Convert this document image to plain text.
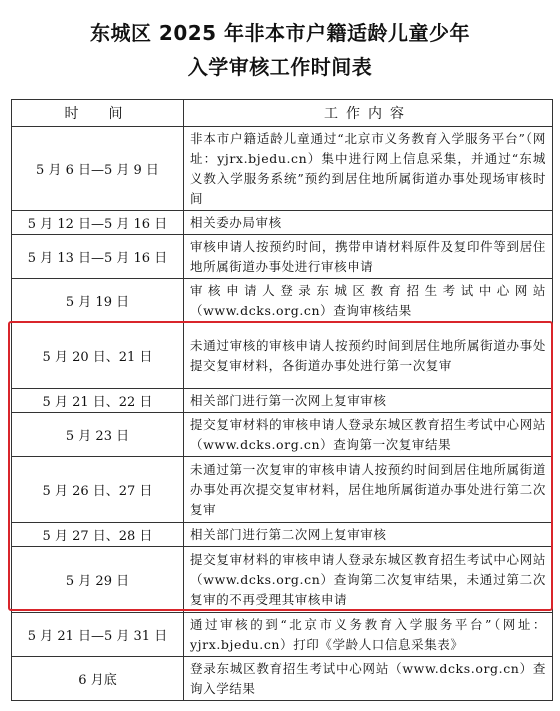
东城区 2025 年非本市户籍适龄儿童少年
入学审核工作时间表
时　间	工作内容
5 月 6 日—5 月 9 日	非本市户籍适龄儿童通过“北京市义务教育入学服务平台”（网址：yjrx.bjedu.cn）集中进行网上信息采集，并通过“东城义教入学服务系统”预约到居住地所属街道办事处现场审核时间
5 月 12 日—5 月 16 日	相关委办局审核
5 月 13 日—5 月 16 日	审核申请人按预约时间，携带申请材料原件及复印件等到居住地所属街道办事处进行审核申请
5 月 19 日	审核申请人登录东城区教育招生考试中心网站（www.dcks.org.cn）查询审核结果
5 月 20 日、21 日	未通过审核的审核申请人按预约时间到居住地所属街道办事处提交复审材料，各街道办事处进行第一次复审
5 月 21 日、22 日	相关部门进行第一次网上复审审核
5 月 23 日	提交复审材料的审核申请人登录东城区教育招生考试中心网站（www.dcks.org.cn）查询第一次复审结果
5 月 26 日、27 日	未通过第一次复审的审核申请人按预约时间到居住地所属街道办事处再次提交复审材料，居住地所属街道办事处进行第二次复审
5 月 27 日、28 日	相关部门进行第二次网上复审审核
5 月 29 日	提交复审材料的审核申请人登录东城区教育招生考试中心网站（www.dcks.org.cn）查询第二次复审结果，未通过第二次复审的不再受理其审核申请
5 月 21 日—5 月 31 日	通过审核的到“北京市义务教育入学服务平台”（网址：yjrx.bjedu.cn）打印《学龄人口信息采集表》
6 月底	登录东城区教育招生考试中心网站（www.dcks.org.cn）查询入学结果
